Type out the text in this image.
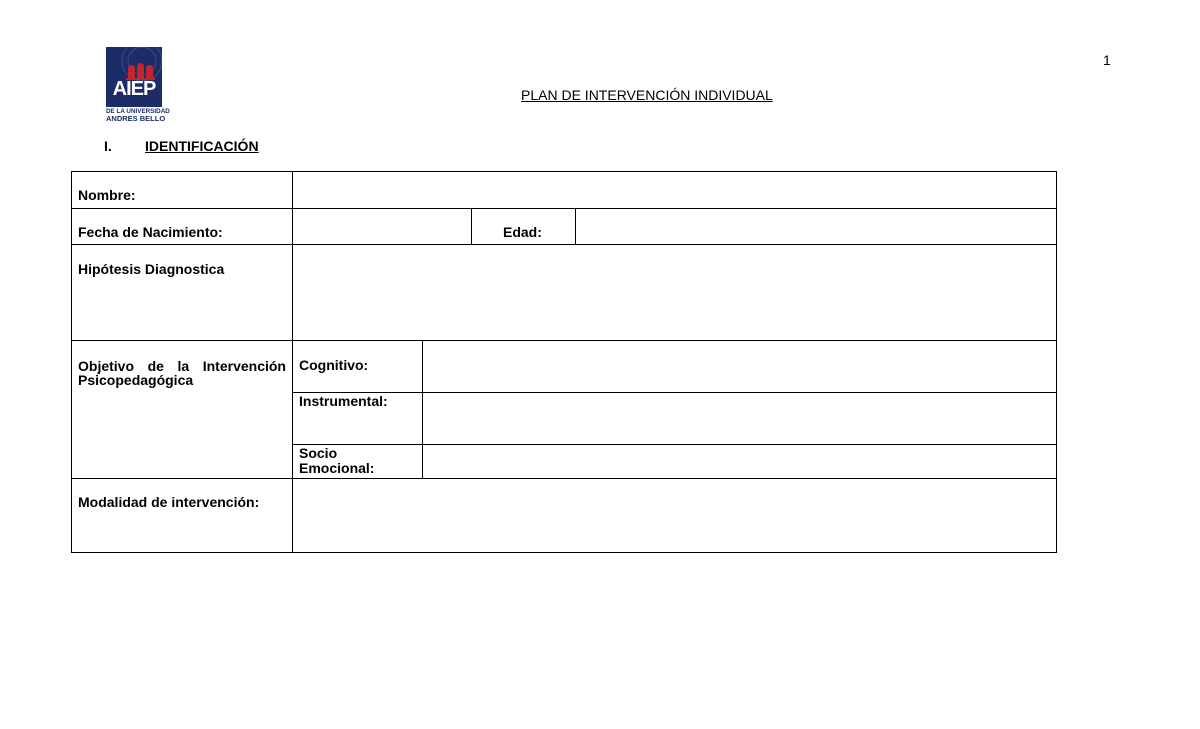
1
AIEP
DE LA UNIVERSIDAD
ANDRES BELLO
PLAN DE INTERVENCIÓN INDIVIDUAL
I. IDENTIFICACIÓN
Nombre:
Fecha de Nacimiento:	Edad:
Hipótesis Diagnostica
Objetivo de la Intervención
Psicopedagógica
Cognitivo:
Instrumental:
Socio
Emocional:
Modalidad de intervención:
